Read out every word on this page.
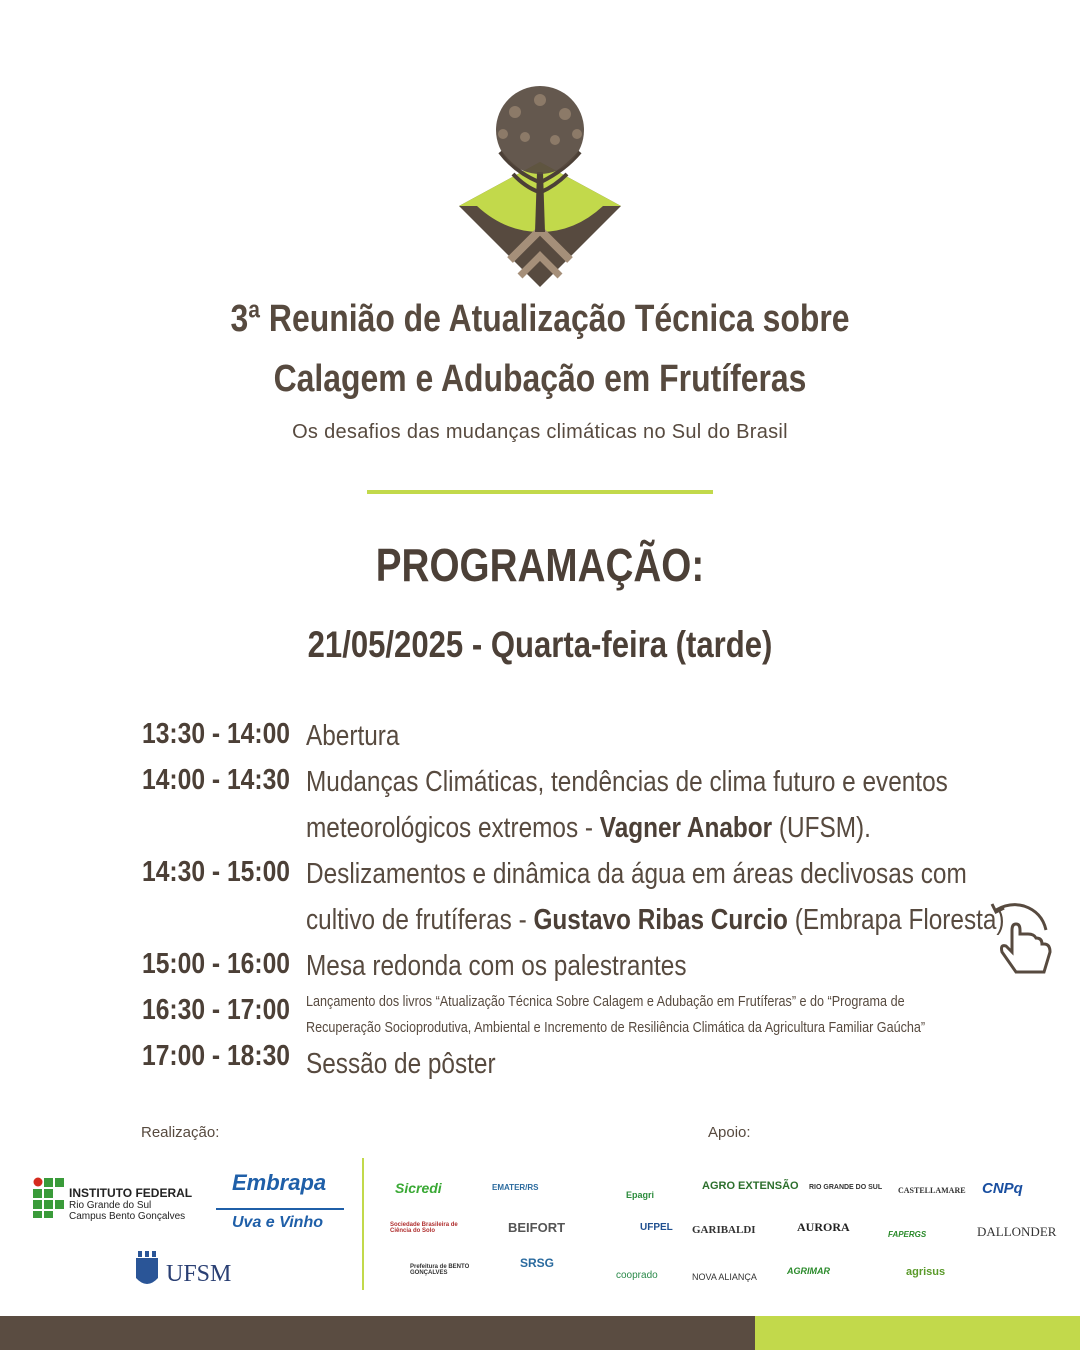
3ª Reunião de Atualização Técnica sobre
Calagem e Adubação em Frutíferas
Os desafios das mudanças climáticas no Sul do Brasil
PROGRAMAÇÃO:
21/05/2025 - Quarta-feira (tarde)
13:30 - 14:00 Abertura
14:00 - 14:30 Mudanças Climáticas, tendências de clima futuro e eventos
meteorológicos extremos - Vagner Anabor (UFSM).
14:30 - 15:00 Deslizamentos e dinâmica da água em áreas declivosas com
cultivo de frutíferas - Gustavo Ribas Curcio (Embrapa Floresta)
15:00 - 16:00 Mesa redonda com os palestrantes
16:30 - 17:00 Lançamento dos livros “Atualização Técnica Sobre Calagem e Adubação em Frutíferas” e do “Programa de
Recuperação Socioprodutiva, Ambiental e Incremento de Resiliência Climática da Agricultura Familiar Gaúcha”
17:00 - 18:30 Sessão de pôster
Realização:	Apoio:
INSTITUTO FEDERAL
Rio Grande do Sul
Campus Bento Gonçalves
Embrapa
Uva e Vinho
UFSM
Sicredi	EMATER/RS
Epagri
AGRO EXTENSÃO RIO GRANDE DO SUL CASTELLAMARE CNPq
Sociedade Brasileira de Ciência do Solo	BEIFORT	UFPEL GARIBALDI	AURORA
FAPERGS	DALLONDER
Prefeitura de BENTO GONÇALVES
SRSG
cooprado	NOVA ALIANÇA
AGRIMAR	agrisus
